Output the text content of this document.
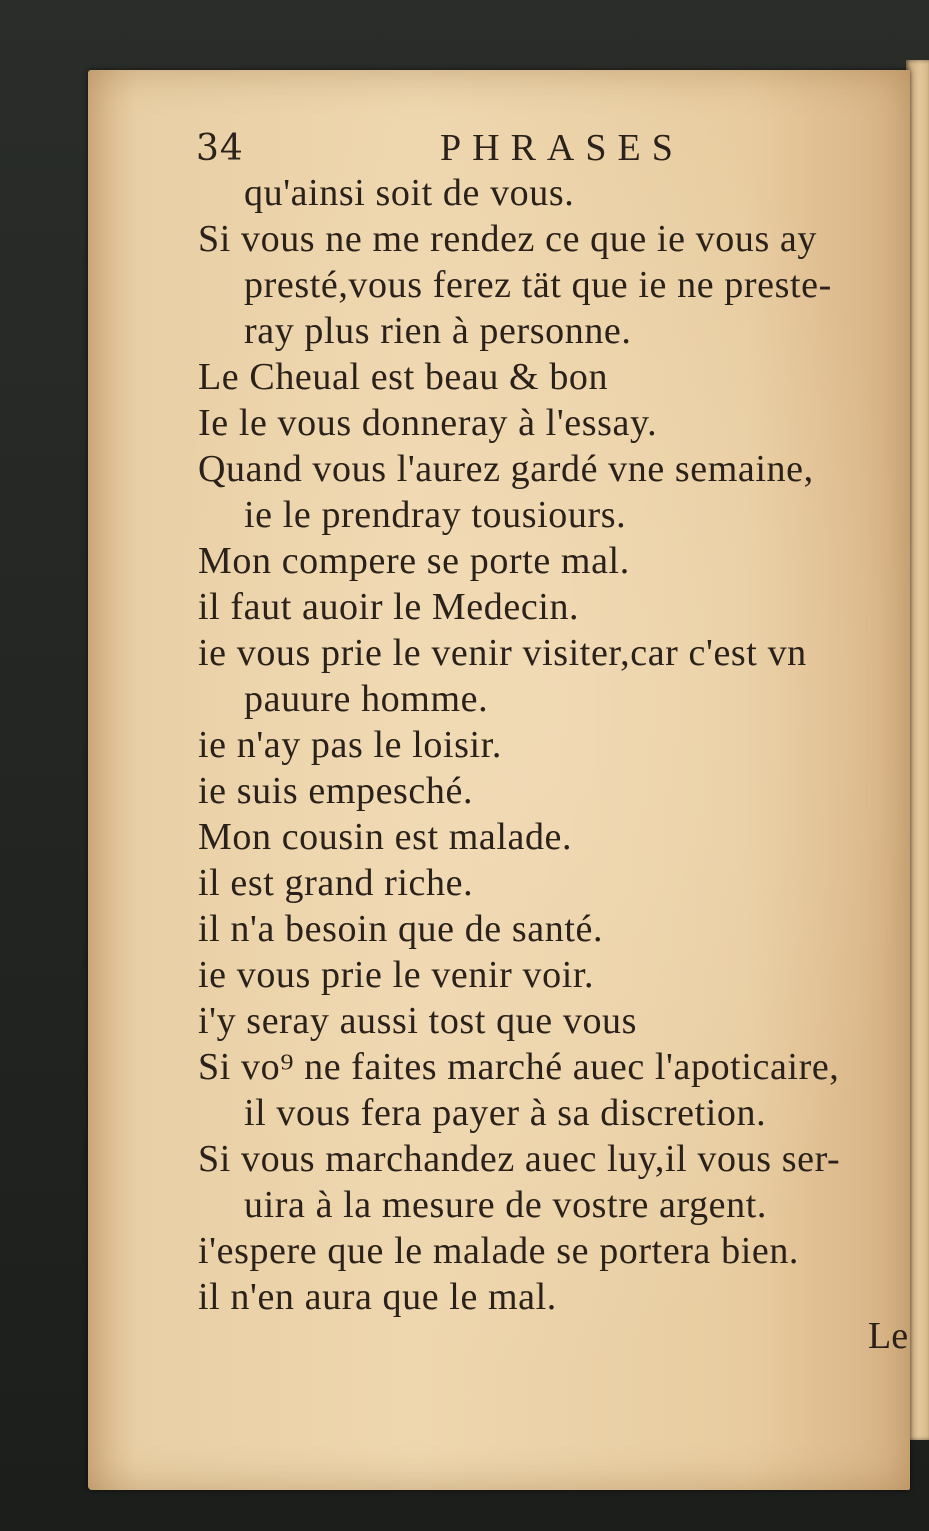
34	PHRASES
qu'ainsi soit de vous.
Si vous ne me rendez ce que ie vous ay
presté,vous ferez tät que ie ne preste-
ray plus rien à personne.
Le Cheual est beau & bon
Ie le vous donneray à l'essay.
Quand vous l'aurez gardé vne semaine,
ie le prendray tousiours.
Mon compere se porte mal.
il faut auoir le Medecin.
ie vous prie le venir visiter,car c'est vn
pauure homme.
ie n'ay pas le loisir.
ie suis empesché.
Mon cousin est malade.
il est grand riche.
il n'a besoin que de santé.
ie vous prie le venir voir.
i'y seray aussi tost que vous
Si vo⁹ ne faites marché auec l'apoticaire,
il vous fera payer à sa discretion.
Si vous marchandez auec luy,il vous ser-
uira à la mesure de vostre argent.
i'espere que le malade se portera bien.
il n'en aura que le mal.
Le
